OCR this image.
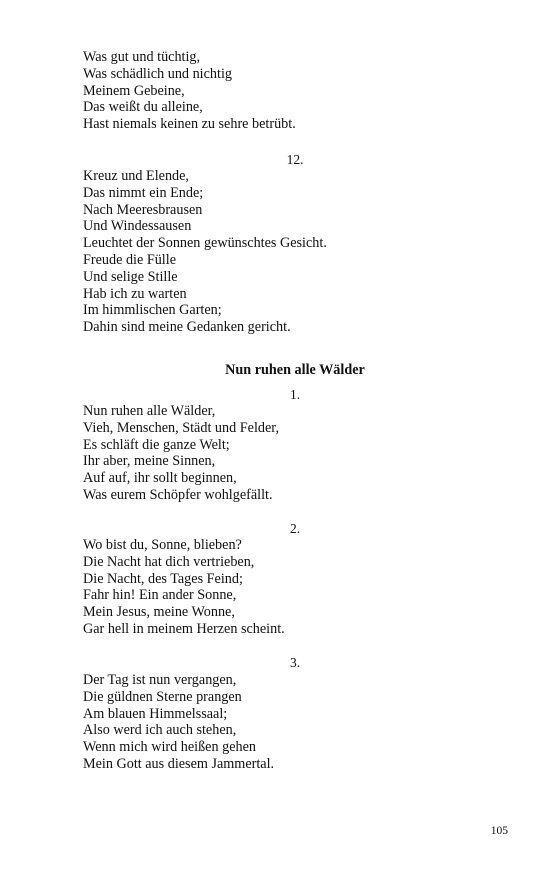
Was gut und tüchtig,
Was schädlich und nichtig
Meinem Gebeine,
Das weißt du alleine,
Hast niemals keinen zu sehre betrübt.
12.
Kreuz und Elende,
Das nimmt ein Ende;
Nach Meeresbrausen
Und Windessausen
Leuchtet der Sonnen gewünschtes Gesicht.
Freude die Fülle
Und selige Stille
Hab ich zu warten
Im himmlischen Garten;
Dahin sind meine Gedanken gericht.
Nun ruhen alle Wälder
1.
Nun ruhen alle Wälder,
Vieh, Menschen, Städt und Felder,
Es schläft die ganze Welt;
Ihr aber, meine Sinnen,
Auf auf, ihr sollt beginnen,
Was eurem Schöpfer wohlgefällt.
2.
Wo bist du, Sonne, blieben?
Die Nacht hat dich vertrieben,
Die Nacht, des Tages Feind;
Fahr hin! Ein ander Sonne,
Mein Jesus, meine Wonne,
Gar hell in meinem Herzen scheint.
3.
Der Tag ist nun vergangen,
Die güldnen Sterne prangen
Am blauen Himmelssaal;
Also werd ich auch stehen,
Wenn mich wird heißen gehen
Mein Gott aus diesem Jammertal.
105
